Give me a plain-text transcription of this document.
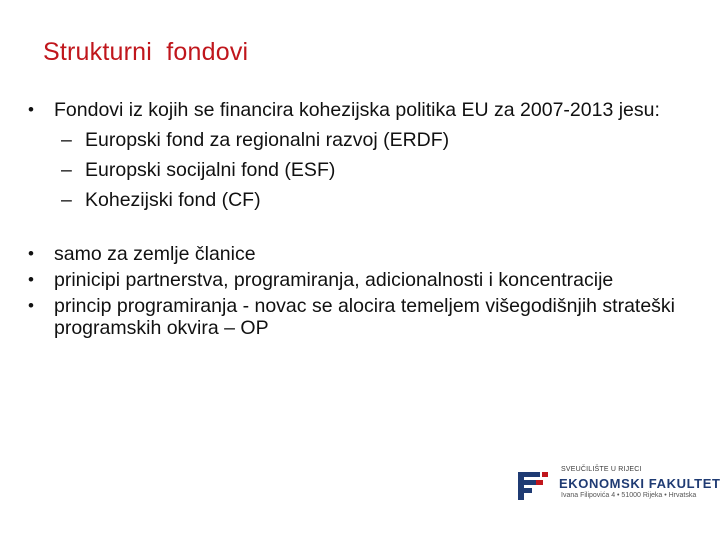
Strukturni  fondovi
•	Fondovi iz kojih se financira kohezijska politika EU za 2007-2013 jesu:
– Europski fond za regionalni razvoj (ERDF)
– Europski socijalni fond (ESF)
– Kohezijski fond (CF)
•	samo za zemlje članice
•	prinicipi partnerstva, programiranja, adicionalnosti i koncentracije
•	princip programiranja - novac se alocira temeljem višegodišnjih strateški programskih okvira – OP
SVEUČILIŠTE U RIJECI
EKONOMSKI FAKULTET
Ivana Filipovića 4 • 51000 Rijeka • Hrvatska
